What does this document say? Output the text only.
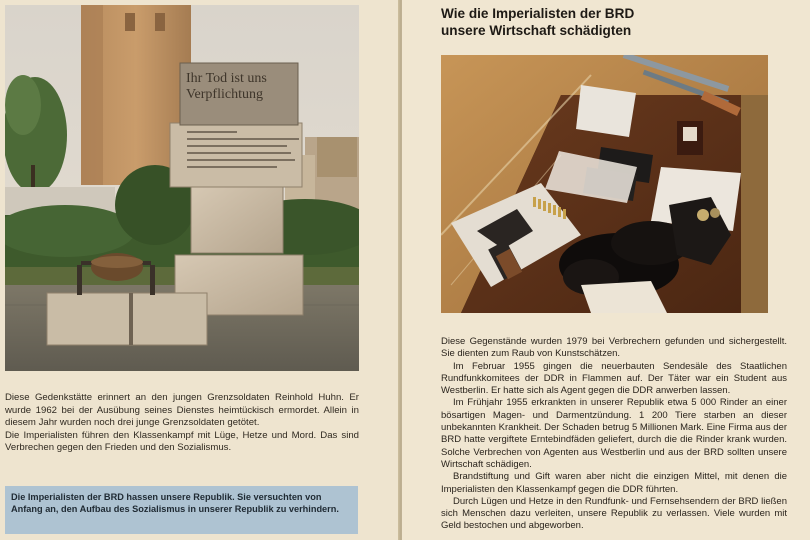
Ihr Tod ist uns
Verpflichtung

Diese Gedenkstätte erinnert an den jungen Grenzsoldaten Reinhold Huhn. Er wurde 1962 bei der Ausübung seines Dienstes heimtückisch ermordet. Allein in diesem Jahr wurden noch drei junge Grenzsoldaten getötet.

Die Imperialisten führen den Klassenkampf mit Lüge, Hetze und Mord. Das sind Verbrechen gegen den Frieden und den Sozialismus.

Die Imperialisten der BRD hassen unsere Republik. Sie versuchten von Anfang an, den Aufbau des Sozialismus in unserer Republik zu verhindern.
Wie die Imperialisten der BRD
unsere Wirtschaft schädigten

Diese Gegenstände wurden 1979 bei Verbrechern gefunden und sichergestellt. Sie dienten zum Raub von Kunstschätzen.

Im Februar 1955 gingen die neuerbauten Sendesäle des Staatlichen Rundfunkkomitees der DDR in Flammen auf. Der Täter war ein Student aus Westberlin. Er hatte sich als Agent gegen die DDR anwerben lassen.

Im Frühjahr 1955 erkrankten in unserer Republik etwa 5 000 Rinder an einer bösartigen Magen- und Darmentzündung. 1 200 Tiere starben an dieser unbekannten Krankheit. Der Schaden betrug 5 Millionen Mark. Eine Firma aus der BRD hatte vergiftete Erntebindfäden geliefert, durch die die Rinder krank wurden. Solche Verbrechen von Agenten aus Westberlin und aus der BRD sollten unsere Wirtschaft schädigen.

Brandstiftung und Gift waren aber nicht die einzigen Mittel, mit denen die Imperialisten den Klassenkampf gegen die DDR führten.

Durch Lügen und Hetze in den Rundfunk- und Fernsehsendern der BRD ließen sich Menschen dazu verleiten, unsere Republik zu verlassen. Viele wurden mit Geld bestochen und abgeworben.
